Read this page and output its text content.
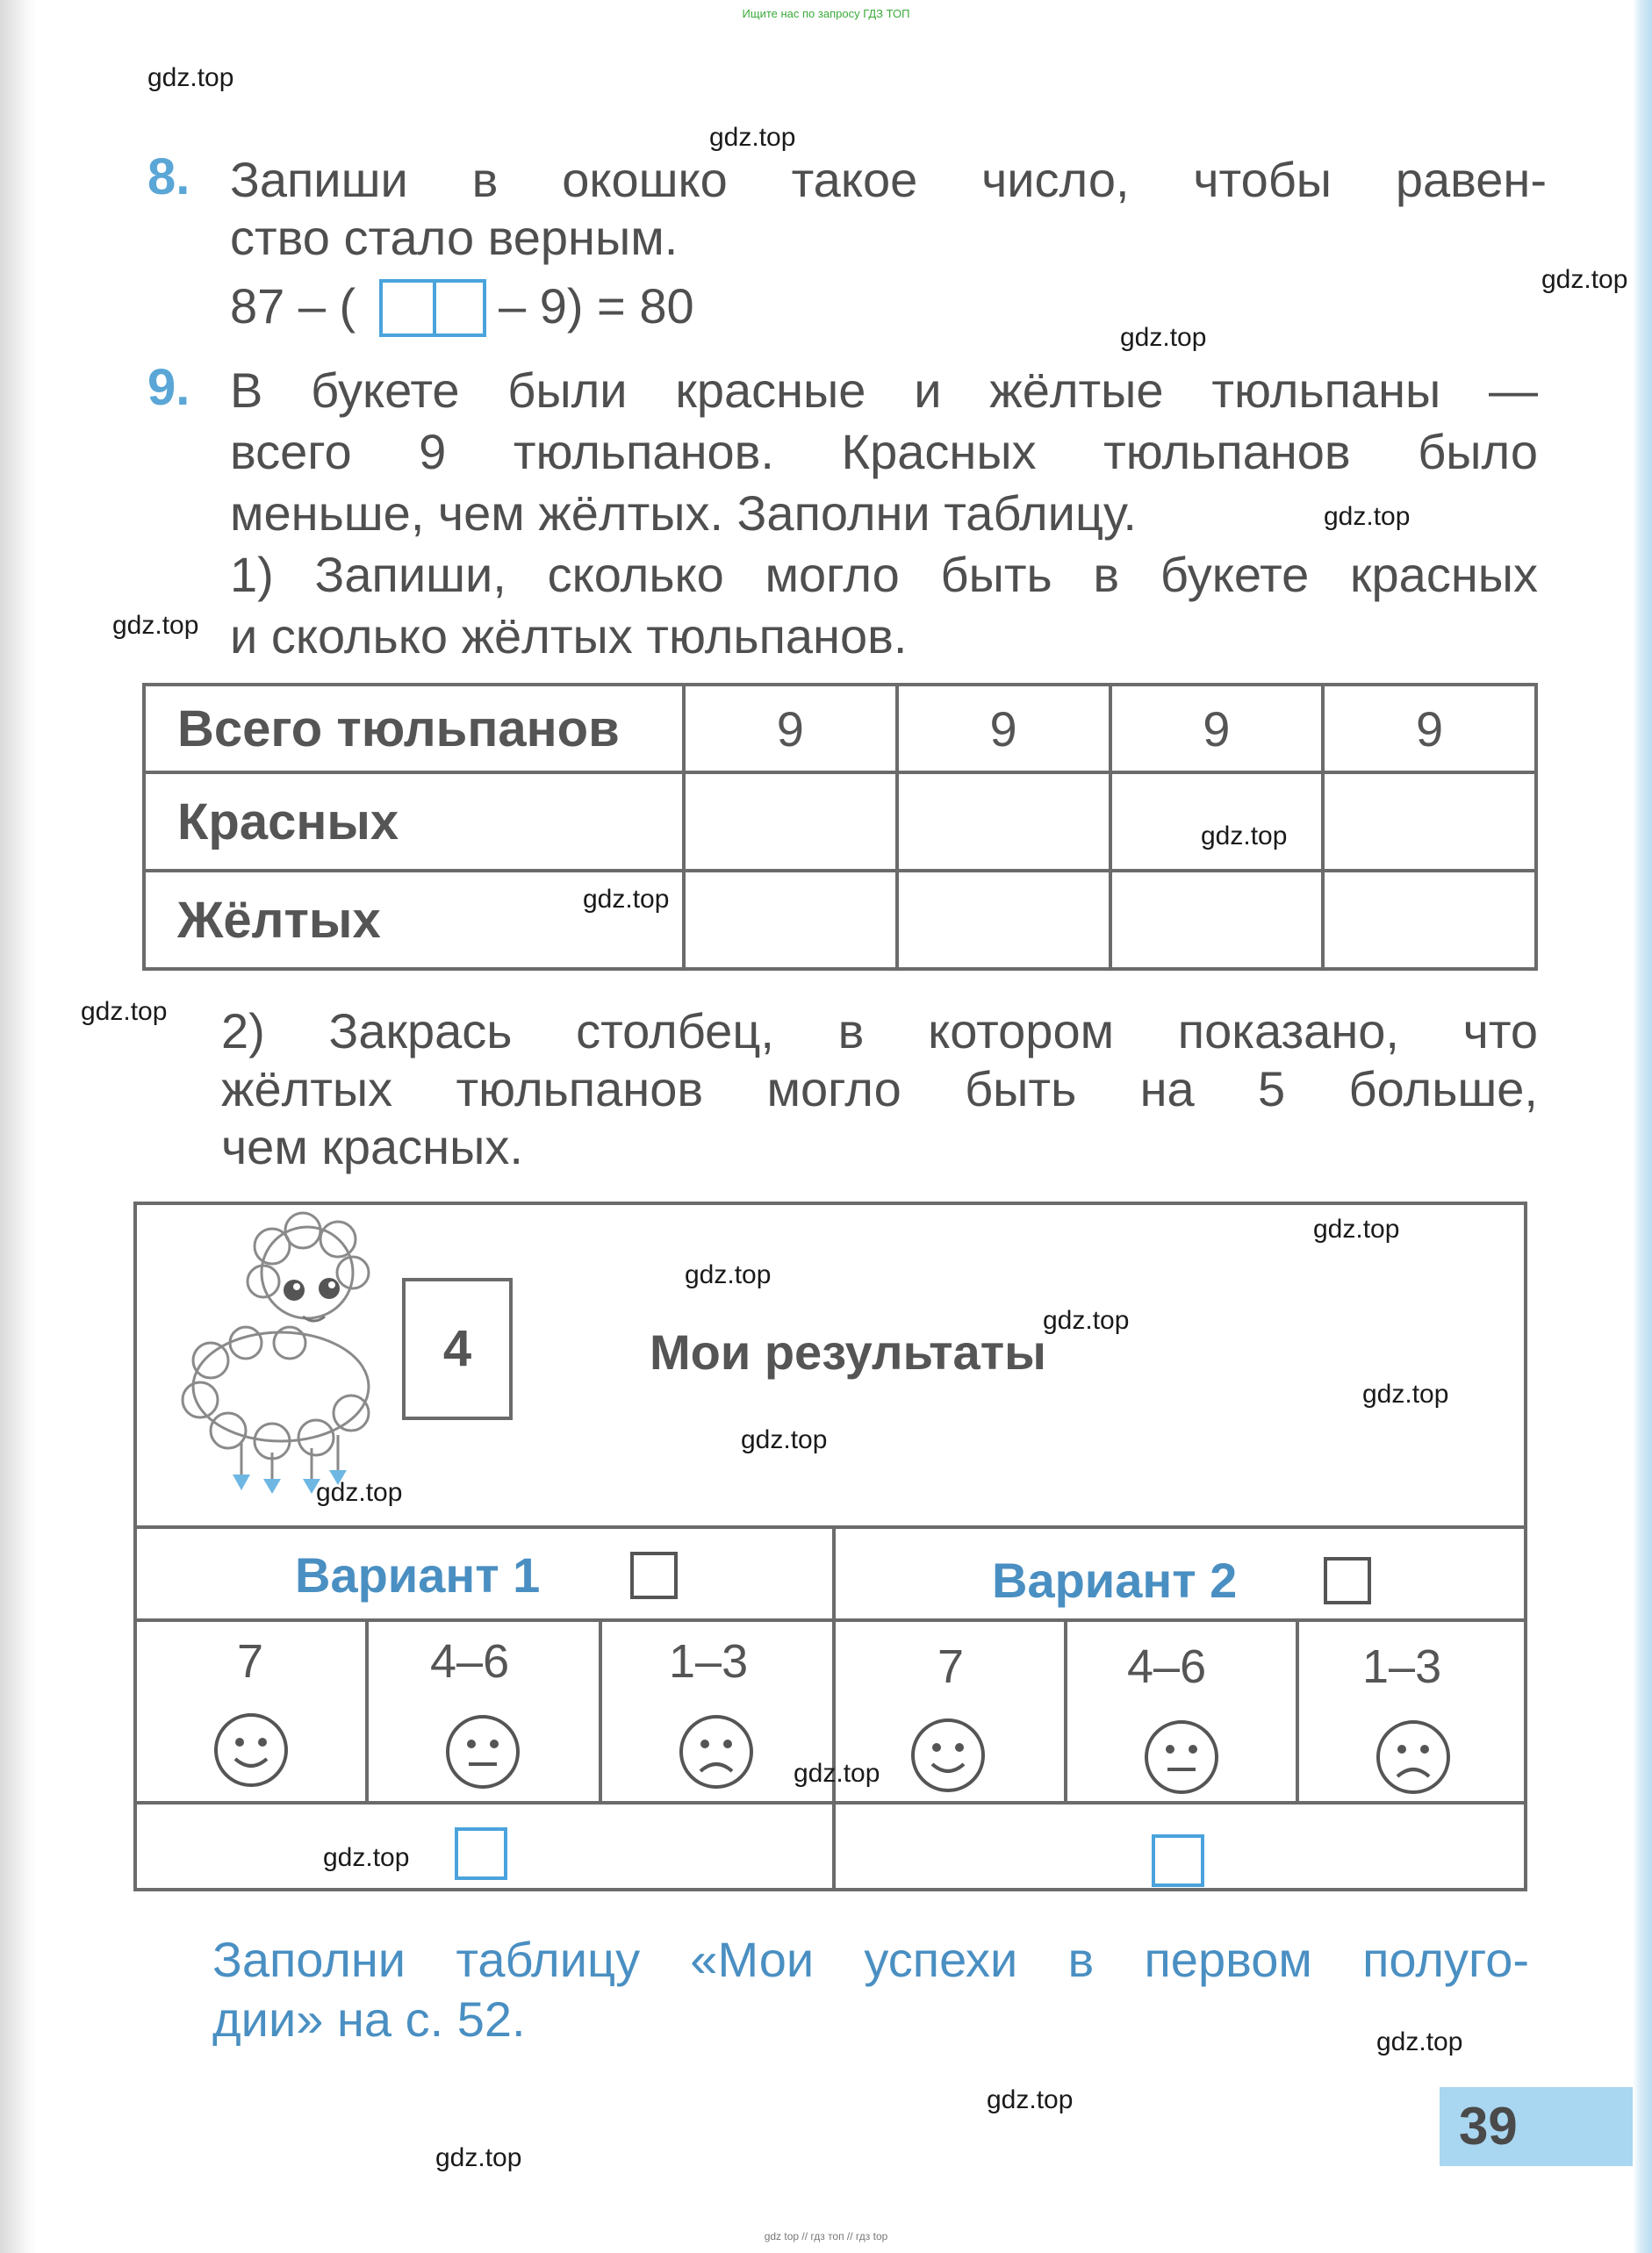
Ищите нас по запросу ГДЗ ТОП
8. Запиши в окошко такое число, чтобы равен-
ство стало верным.
87 – (	– 9) = 80
9. В букете были красные и жёлтые тюльпаны —
всего 9 тюльпанов. Красных тюльпанов было
меньше, чем жёлтых. Заполни таблицу.
1) Запиши, сколько могло быть в букете красных
и сколько жёлтых тюльпанов.
Всего тюльпанов	9	9	9	9
Красных				
Жёлтых				
2) Закрась столбец, в котором показано, что
жёлтых тюльпанов могло быть на 5 больше,
чем красных.
4	Мои результаты
Вариант 1	Вариант 2
7	4–6	1–3	7	4–6	1–3
Заполни таблицу «Мои успехи в первом полуго-
дии» на с. 52.
39
gdz.top
gdz.top
gdz.top
gdz.top
gdz.top
gdz.top
gdz.top
gdz.top
gdz.top
gdz.top
gdz.top
gdz.top
gdz.top
gdz.top
gdz.top
gdz.top
gdz.top
gdz.top
gdz.top
gdz.top
gdz top // гдз топ // гдз top
